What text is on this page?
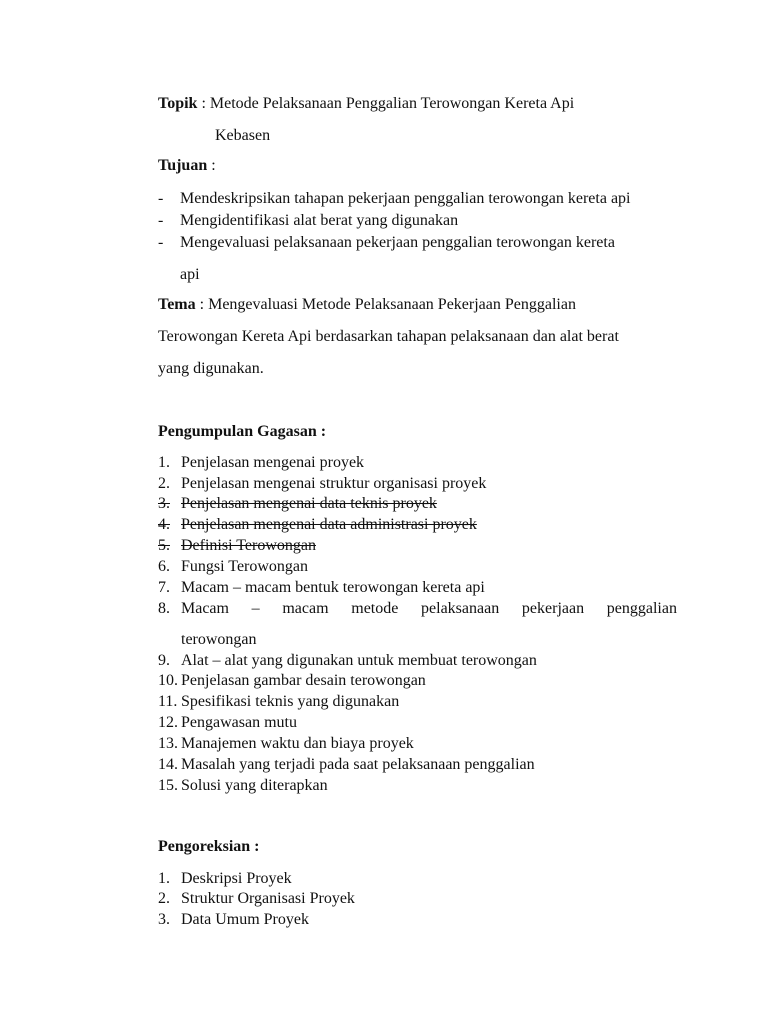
Topik : Metode Pelaksanaan Penggalian Terowongan Kereta Api
Kebasen
Tujuan :
- Mendeskripsikan tahapan pekerjaan penggalian terowongan kereta api
- Mengidentifikasi alat berat yang digunakan
- Mengevaluasi pelaksanaan pekerjaan penggalian terowongan kereta
api
Tema : Mengevaluasi Metode Pelaksanaan Pekerjaan Penggalian
Terowongan Kereta Api berdasarkan tahapan pelaksanaan dan alat berat
yang digunakan.
Pengumpulan Gagasan :
1. Penjelasan mengenai proyek
2. Penjelasan mengenai struktur organisasi proyek
3. Penjelasan mengenai data teknis proyek
4. Penjelasan mengenai data administrasi proyek
5. Definisi Terowongan
6. Fungsi Terowongan
7. Macam – macam bentuk terowongan kereta api
8. Macam – macam metode pelaksanaan pekerjaan penggalian
terowongan
9. Alat – alat yang digunakan untuk membuat terowongan
10. Penjelasan gambar desain terowongan
11. Spesifikasi teknis yang digunakan
12. Pengawasan mutu
13. Manajemen waktu dan biaya proyek
14. Masalah yang terjadi pada saat pelaksanaan penggalian
15. Solusi yang diterapkan
Pengoreksian :
1. Deskripsi Proyek
2. Struktur Organisasi Proyek
3. Data Umum Proyek
